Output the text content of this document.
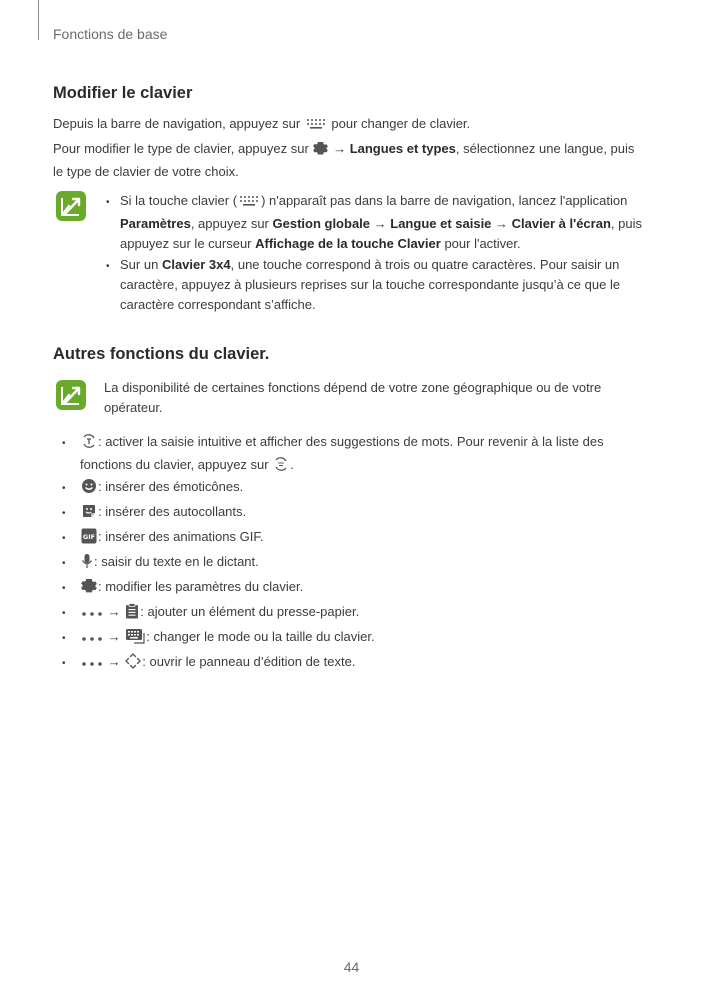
Fonctions de base
Modifier le clavier
Depuis la barre de navigation, appuyez sur pour changer de clavier.
Pour modifier le type de clavier, appuyez sur → Langues et types, sélectionnez une langue, puis
le type de clavier de votre choix.
• Si la touche clavier ( ) n'apparaît pas dans la barre de navigation, lancez l'application
Paramètres, appuyez sur Gestion globale → Langue et saisie → Clavier à l'écran, puis
appuyez sur le curseur Affichage de la touche Clavier pour l'activer.
• Sur un Clavier 3x4, une touche correspond à trois ou quatre caractères. Pour saisir un
caractère, appuyez à plusieurs reprises sur la touche correspondante jusqu’à ce que le
caractère correspondant s’affiche.
Autres fonctions du clavier.
La disponibilité de certaines fonctions dépend de votre zone géographique ou de votre
opérateur.
•	: activer la saisie intuitive et afficher des suggestions de mots. Pour revenir à la liste des
fonctions du clavier, appuyez sur .
•	: insérer des émoticônes.
•	: insérer des autocollants.
•	GIF : insérer des animations GIF.
•	: saisir du texte en le dictant.
•	: modifier les paramètres du clavier.
•	→ : ajouter un élément du presse-papier.
•	→ : changer le mode ou la taille du clavier.
•	→ : ouvrir le panneau d’édition de texte.
44
